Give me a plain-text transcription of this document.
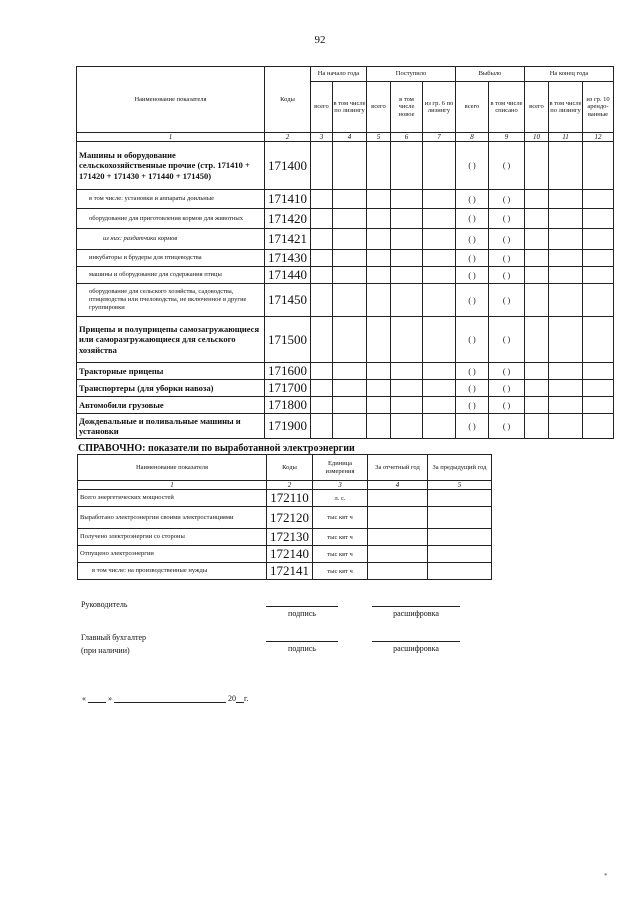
92
Наименование показателя	Коды	На начало года		Поступило			Выбыло		На конец года		
		всего	в том числе по лизингу	всего	в том числе новое	из гр. 6 по лизингу	всего	в том числе списано	всего	в том числе по лизингу	из гр. 10 арендо-ванные
1	2	3	4	5	6	7	8	9	10	11	12
Машины и оборудование сельскохозяйственные прочие (стр. 171410 + 171420 + 171430 + 171440 + 171450)	171400						( )	( )			
в том числе: установки и аппараты доильные	171410						( )	( )			
оборудование для приготовления кормов для животных	171420						( )	( )			
из них: раздатчики кормов	171421						( )	( )			
инкубаторы и брудеры для птицеводства	171430						( )	( )			
машины и оборудование для содержания птицы	171440						( )	( )			
оборудование для сельского хозяйства, садоводства, птицеводства или пчеловодства, не включенное в другие группировки	171450						( )	( )			
Прицепы и полуприцепы самозагружающиеся или саморазгружающиеся для сельского хозяйства	171500						( )	( )			
Тракторные прицепы	171600						( )	( )			
Транспортеры (для уборки навоза)	171700						( )	( )			
Автомобили грузовые	171800						( )	( )			
Дождевальные и поливальные машины и установки	171900						( )	( )			
СПРАВОЧНО: показатели по выработанной электроэнергии
Наименование показателя	Коды	Единица измерения	За отчетный год	За предыдущий год
1	2	3	4	5
Всего энергетических мощностей	172110	л. с.		
Выработано электроэнергии своими электростанциями	172120	тыс квт ч		
Получено электроэнергии со стороны	172130	тыс квт ч		
Отпущено электроэнергии	172140	тыс квт ч		
в том числе: на производственные нужды	172141	тыс квт ч		
Руководитель
подпись	расшифровка
Главный бухгалтер
(при наличии)	подпись	расшифровка
«	»	20 г.
*
